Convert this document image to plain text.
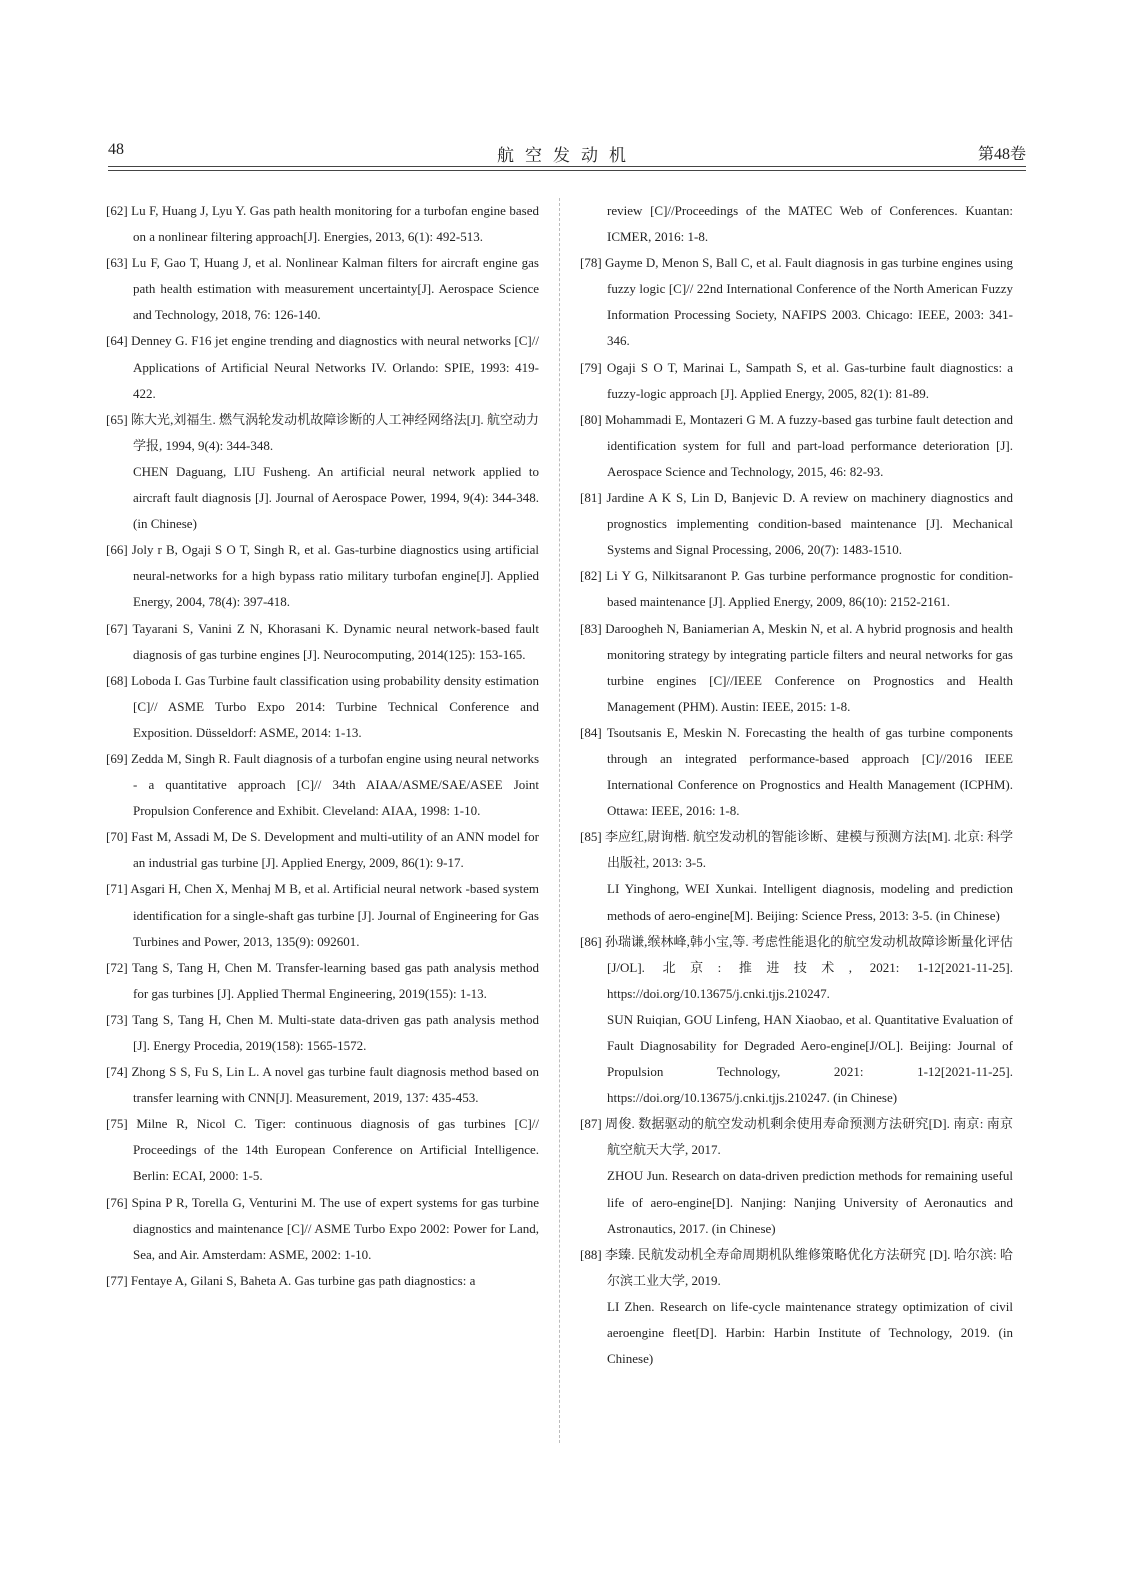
48	航空发动机	第48卷

[62] Lu F, Huang J, Lyu Y. Gas path health monitoring for a turbofan engine based on a nonlinear filtering approach[J]. Energies, 2013, 6(1): 492-513.

[63] Lu F, Gao T, Huang J, et al. Nonlinear Kalman filters for aircraft engine gas path health estimation with measurement uncertainty[J]. Aerospace Science and Technology, 2018, 76: 126-140.

[64] Denney G. F16 jet engine trending and diagnostics with neural networks [C]// Applications of Artificial Neural Networks IV. Orlando: SPIE, 1993: 419-422.

[65] 陈大光,刘福生. 燃气涡轮发动机故障诊断的人工神经网络法[J]. 航空动力学报, 1994, 9(4): 344-348.

CHEN Daguang, LIU Fusheng. An artificial neural network applied to aircraft fault diagnosis [J]. Journal of Aerospace Power, 1994, 9(4): 344-348. (in Chinese)

[66] Joly r B, Ogaji S O T, Singh R, et al. Gas-turbine diagnostics using artificial neural-networks for a high bypass ratio military turbofan engine[J]. Applied Energy, 2004, 78(4): 397-418.

[67] Tayarani S, Vanini Z N, Khorasani K. Dynamic neural network-based fault diagnosis of gas turbine engines [J]. Neurocomputing, 2014(125): 153-165.

[68] Loboda I. Gas Turbine fault classification using probability density estimation [C]// ASME Turbo Expo 2014: Turbine Technical Conference and Exposition. Düsseldorf: ASME, 2014: 1-13.

[69] Zedda M, Singh R. Fault diagnosis of a turbofan engine using neural networks - a quantitative approach [C]// 34th AIAA/ASME/SAE/ASEE Joint Propulsion Conference and Exhibit. Cleveland: AIAA, 1998: 1-10.

[70] Fast M, Assadi M, De S. Development and multi-utility of an ANN model for an industrial gas turbine [J]. Applied Energy, 2009, 86(1): 9-17.

[71] Asgari H, Chen X, Menhaj M B, et al. Artificial neural network -based system identification for a single-shaft gas turbine [J]. Journal of Engineering for Gas Turbines and Power, 2013, 135(9): 092601.

[72] Tang S, Tang H, Chen M. Transfer-learning based gas path analysis method for gas turbines [J]. Applied Thermal Engineering, 2019(155): 1-13.

[73] Tang S, Tang H, Chen M. Multi-state data-driven gas path analysis method [J]. Energy Procedia, 2019(158): 1565-1572.

[74] Zhong S S, Fu S, Lin L. A novel gas turbine fault diagnosis method based on transfer learning with CNN[J]. Measurement, 2019, 137: 435-453.

[75] Milne R, Nicol C. Tiger: continuous diagnosis of gas turbines [C]// Proceedings of the 14th European Conference on Artificial Intelligence. Berlin: ECAI, 2000: 1-5.

[76] Spina P R, Torella G, Venturini M. The use of expert systems for gas turbine diagnostics and maintenance [C]// ASME Turbo Expo 2002: Power for Land, Sea, and Air. Amsterdam: ASME, 2002: 1-10.

[77] Fentaye A, Gilani S, Baheta A. Gas turbine gas path diagnostics: a

review [C]//Proceedings of the MATEC Web of Conferences. Kuantan: ICMER, 2016: 1-8.

[78] Gayme D, Menon S, Ball C, et al. Fault diagnosis in gas turbine engines using fuzzy logic [C]// 22nd International Conference of the North American Fuzzy Information Processing Society, NAFIPS 2003. Chicago: IEEE, 2003: 341-346.

[79] Ogaji S O T, Marinai L, Sampath S, et al. Gas-turbine fault diagnostics: a fuzzy-logic approach [J]. Applied Energy, 2005, 82(1): 81-89.

[80] Mohammadi E, Montazeri G M. A fuzzy-based gas turbine fault detection and identification system for full and part-load performance deterioration [J]. Aerospace Science and Technology, 2015, 46: 82-93.

[81] Jardine A K S, Lin D, Banjevic D. A review on machinery diagnostics and prognostics implementing condition-based maintenance [J]. Mechanical Systems and Signal Processing, 2006, 20(7): 1483-1510.

[82] Li Y G, Nilkitsaranont P. Gas turbine performance prognostic for condition-based maintenance [J]. Applied Energy, 2009, 86(10): 2152-2161.

[83] Daroogheh N, Baniamerian A, Meskin N, et al. A hybrid prognosis and health monitoring strategy by integrating particle filters and neural networks for gas turbine engines [C]//IEEE Conference on Prognostics and Health Management (PHM). Austin: IEEE, 2015: 1-8.

[84] Tsoutsanis E, Meskin N. Forecasting the health of gas turbine components through an integrated performance-based approach [C]//2016 IEEE International Conference on Prognostics and Health Management (ICPHM). Ottawa: IEEE, 2016: 1-8.

[85] 李应红,尉询楷. 航空发动机的智能诊断、建模与预测方法[M]. 北京: 科学出版社, 2013: 3-5.

LI Yinghong, WEI Xunkai. Intelligent diagnosis, modeling and prediction methods of aero-engine[M]. Beijing: Science Press, 2013: 3-5. (in Chinese)

[86] 孙瑞谦,缑林峰,韩小宝,等. 考虑性能退化的航空发动机故障诊断量化评估[J/OL]. 北京: 推进技术, 2021: 1-12[2021-11-25]. https://doi.org/10.13675/j.cnki.tjjs.210247.

SUN Ruiqian, GOU Linfeng, HAN Xiaobao, et al. Quantitative Evaluation of Fault Diagnosability for Degraded Aero-engine[J/OL]. Beijing: Journal of Propulsion Technology, 2021: 1-12[2021-11-25]. https://doi.org/10.13675/j.cnki.tjjs.210247. (in Chinese)

[87] 周俊. 数据驱动的航空发动机剩余使用寿命预测方法研究[D]. 南京: 南京航空航天大学, 2017.

ZHOU Jun. Research on data-driven prediction methods for remaining useful life of aero-engine[D]. Nanjing: Nanjing University of Aeronautics and Astronautics, 2017. (in Chinese)

[88] 李臻. 民航发动机全寿命周期机队维修策略优化方法研究 [D]. 哈尔滨: 哈尔滨工业大学, 2019.

LI Zhen. Research on life-cycle maintenance strategy optimization of civil aeroengine fleet[D]. Harbin: Harbin Institute of Technology, 2019. (in Chinese)
